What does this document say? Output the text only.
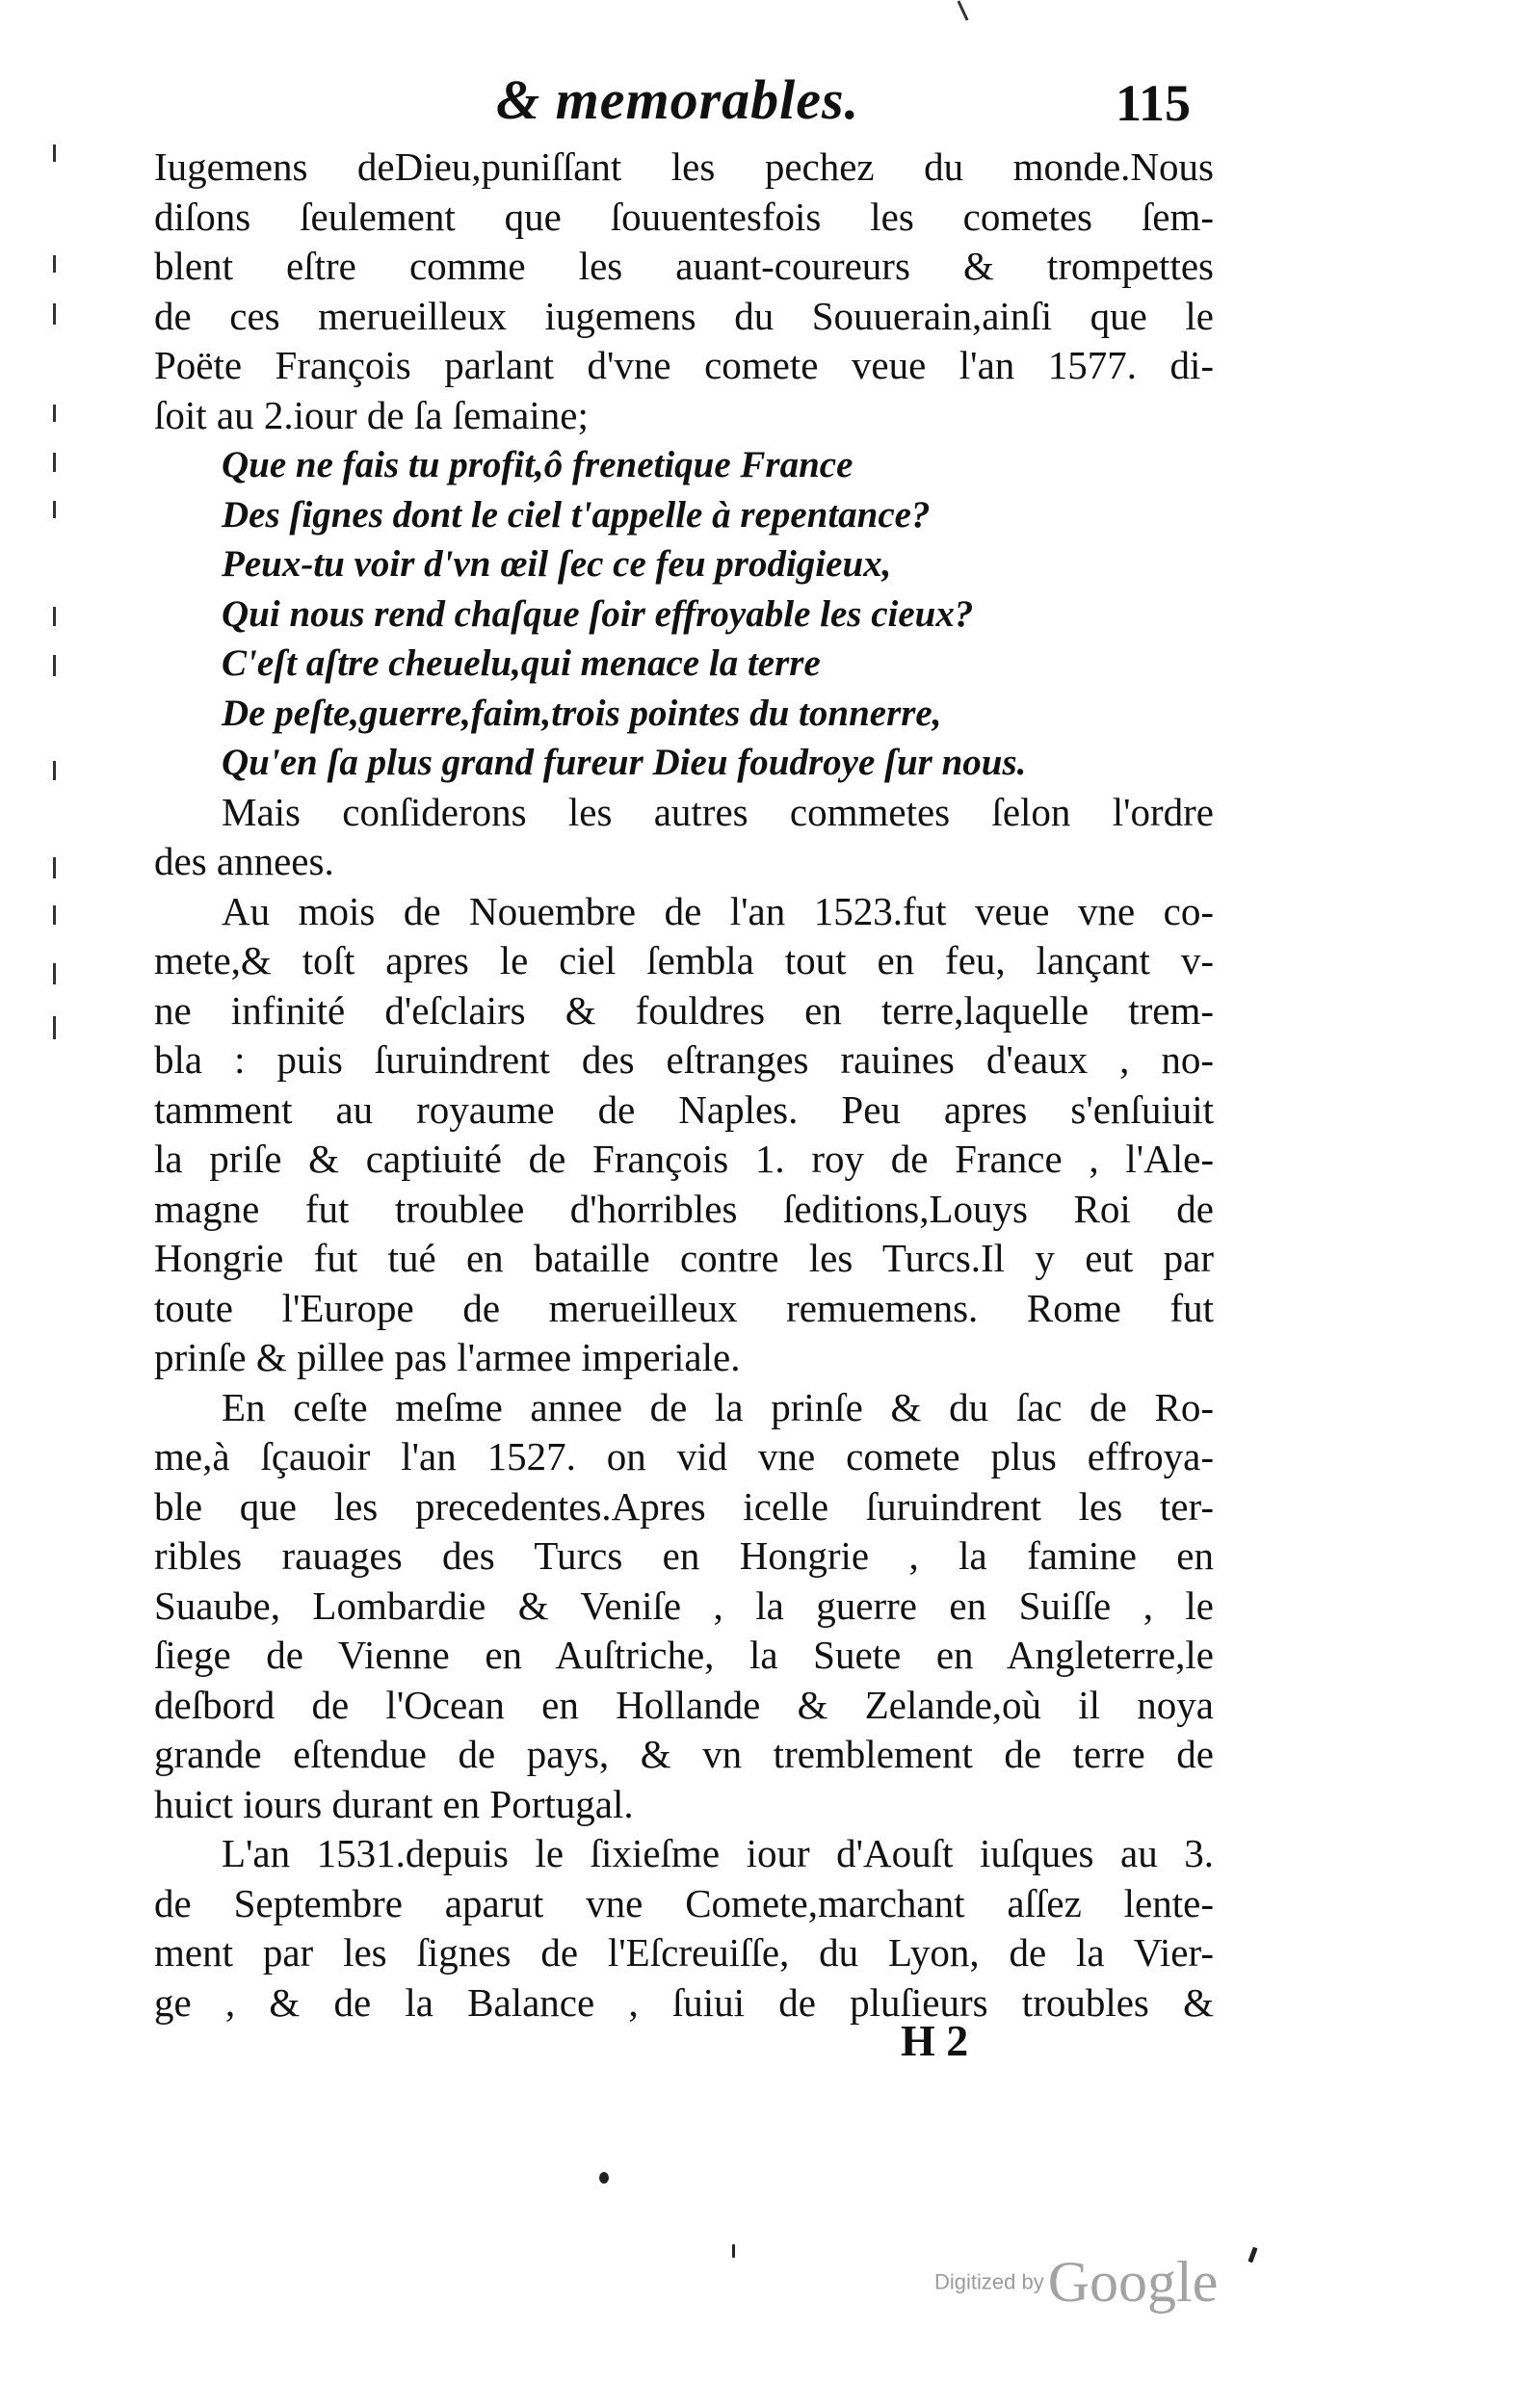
& memorables.	115
Iugemens deDieu,puniſſant les pechez du monde.Nous
diſons ſeulement que ſouuentesfois les cometes ſem-
blent eſtre comme les auant-coureurs & trompettes
de ces merueilleux iugemens du Souuerain,ainſi que le
Poëte François parlant d'vne comete veue l'an 1577. di-
ſoit au 2.iour de ſa ſemaine;
Que ne fais tu profit,ô frenetique France
Des ſignes dont le ciel t'appelle à repentance?
Peux-tu voir d'vn œil ſec ce feu prodigieux,
Qui nous rend chaſque ſoir effroyable les cieux?
C'eſt aſtre cheuelu,qui menace la terre
De peſte,guerre,faim,trois pointes du tonnerre,
Qu'en ſa plus grand fureur Dieu foudroye ſur nous.
Mais conſiderons les autres commetes ſelon l'ordre
des annees.
Au mois de Nouembre de l'an 1523.fut veue vne co-
mete,& toſt apres le ciel ſembla tout en feu, lançant v-
ne infinité d'eſclairs & fouldres en terre,laquelle trem-
bla : puis ſuruindrent des eſtranges rauines d'eaux , no-
tamment au royaume de Naples. Peu apres s'enſuiuit
la priſe & captiuité de François 1. roy de France , l'Ale-
magne fut troublee d'horribles ſeditions,Louys Roi de
Hongrie fut tué en bataille contre les Turcs.Il y eut par
toute l'Europe de merueilleux remuemens. Rome fut
prinſe & pillee pas l'armee imperiale.
En ceſte meſme annee de la prinſe & du ſac de Ro-
me,à ſçauoir l'an 1527. on vid vne comete plus effroya-
ble que les precedentes.Apres icelle ſuruindrent les ter-
ribles rauages des Turcs en Hongrie , la famine en
Suaube, Lombardie & Veniſe , la guerre en Suiſſe , le
ſiege de Vienne en Auſtriche, la Suete en Angleterre,le
deſbord de l'Ocean en Hollande & Zelande,où il noya
grande eſtendue de pays, & vn tremblement de terre de
huict iours durant en Portugal.
L'an 1531.depuis le ſixieſme iour d'Aouſt iuſques au 3.
de Septembre aparut vne Comete,marchant aſſez lente-
ment par les ſignes de l'Eſcreuiſſe, du Lyon, de la Vier-
ge , & de la Balance , ſuiui de pluſieurs troubles &
H 2
Digitized by Google
